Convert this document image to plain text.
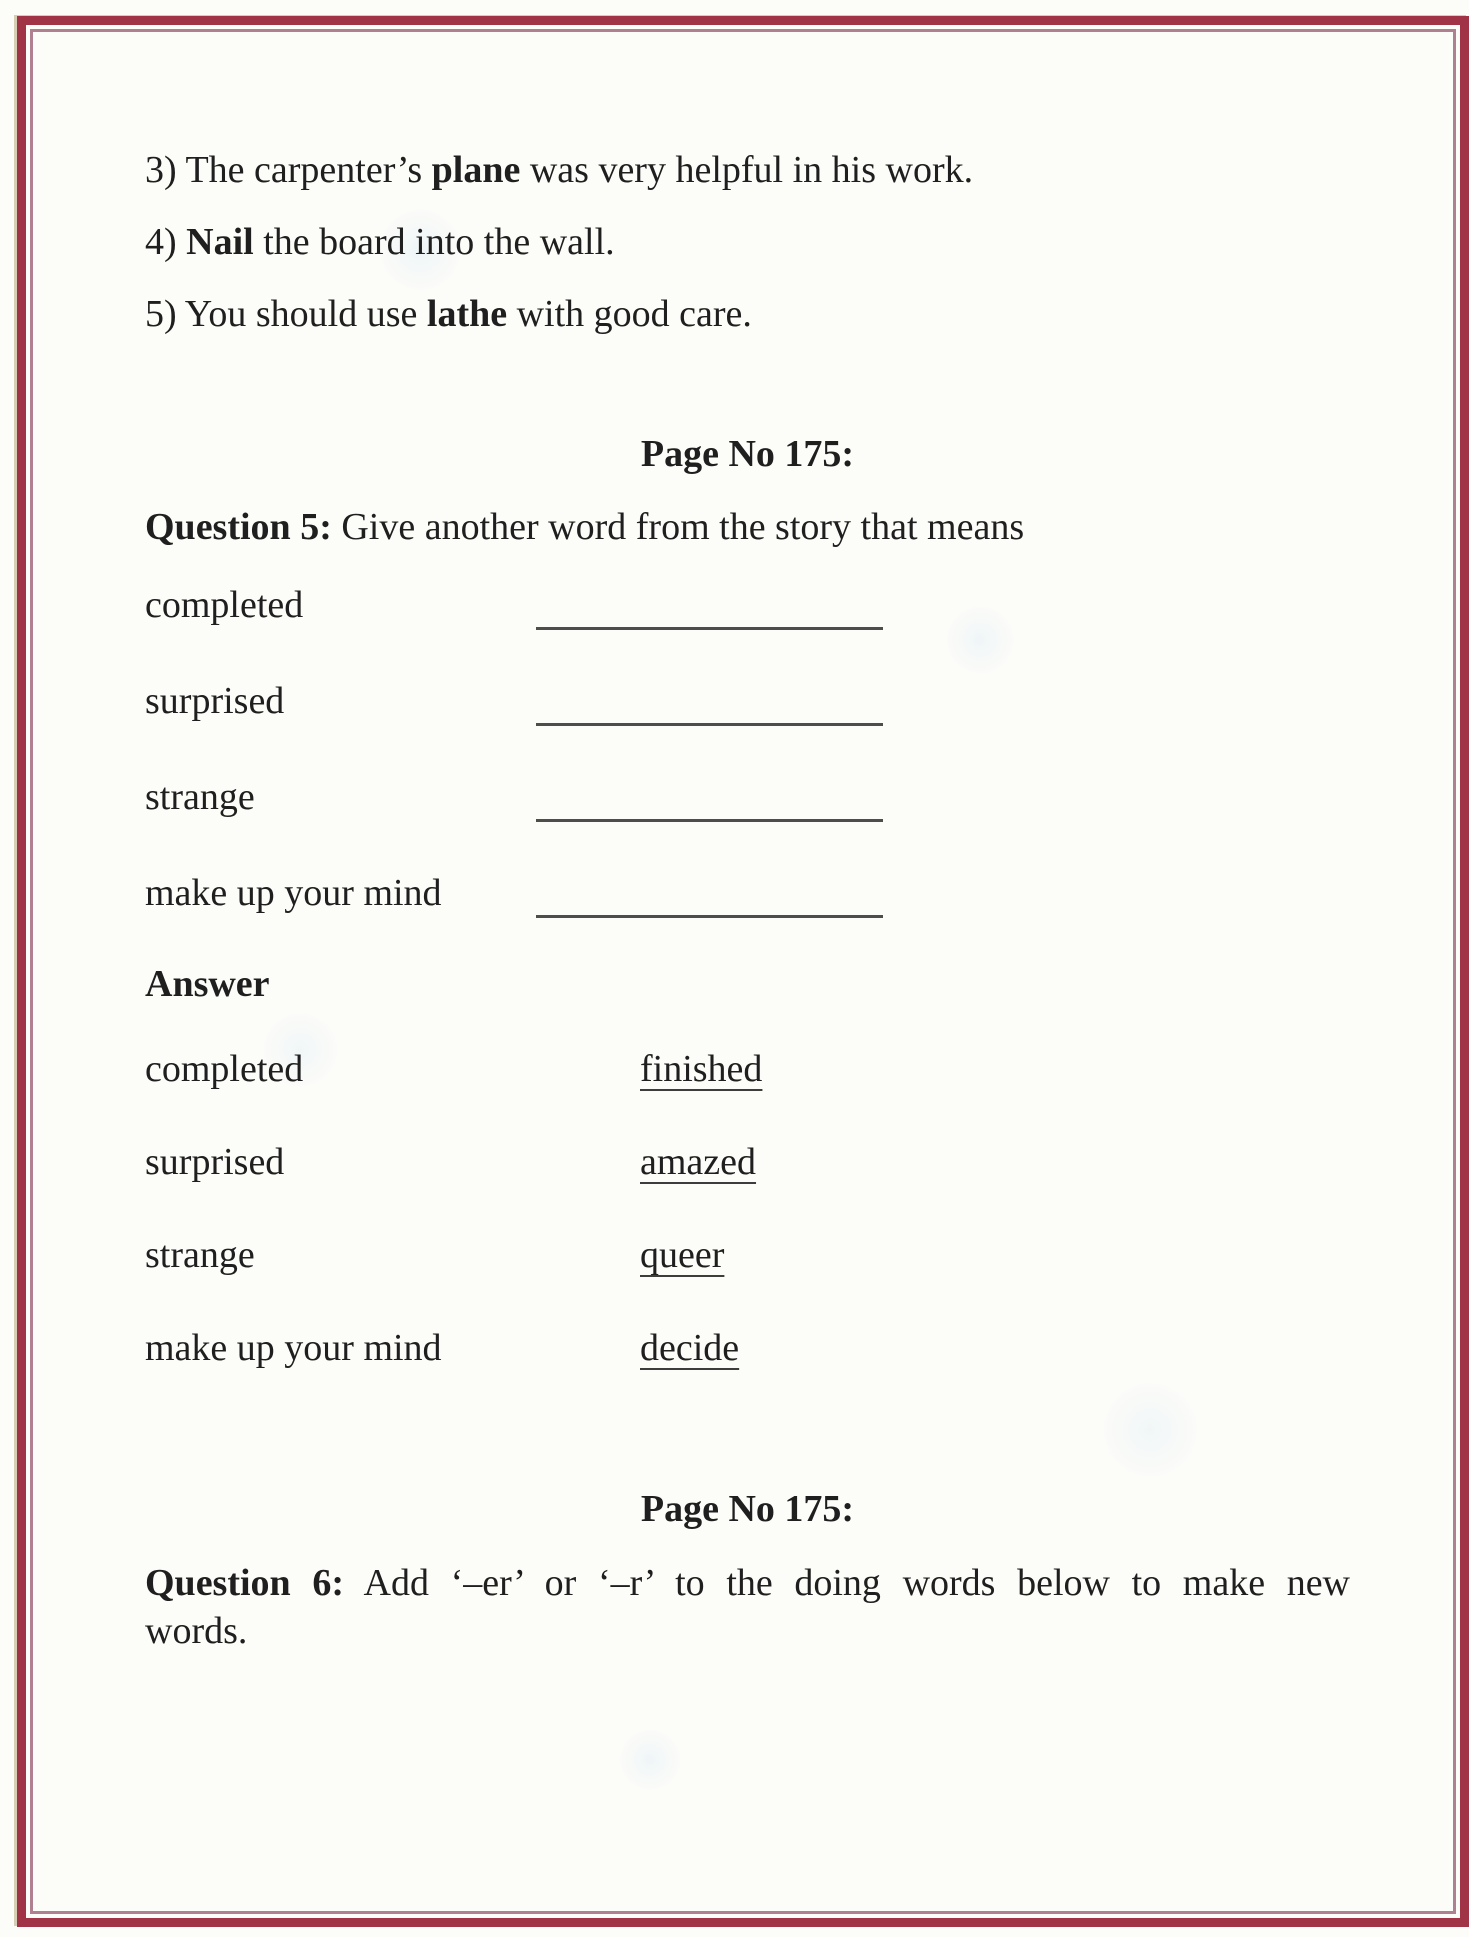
3) The carpenter’s plane was very helpful in his work.

4) Nail the board into the wall.

5) You should use lathe with good care.

Page No 175:

Question 5: Give another word from the story that means

completed
surprised
strange
make up your mind

Answer

completed	finished
surprised	amazed
strange	queer
make up your mind	decide
Page No 175:

Question 6: Add ‘–er’ or ‘–r’ to the doing words below to make new

words.
